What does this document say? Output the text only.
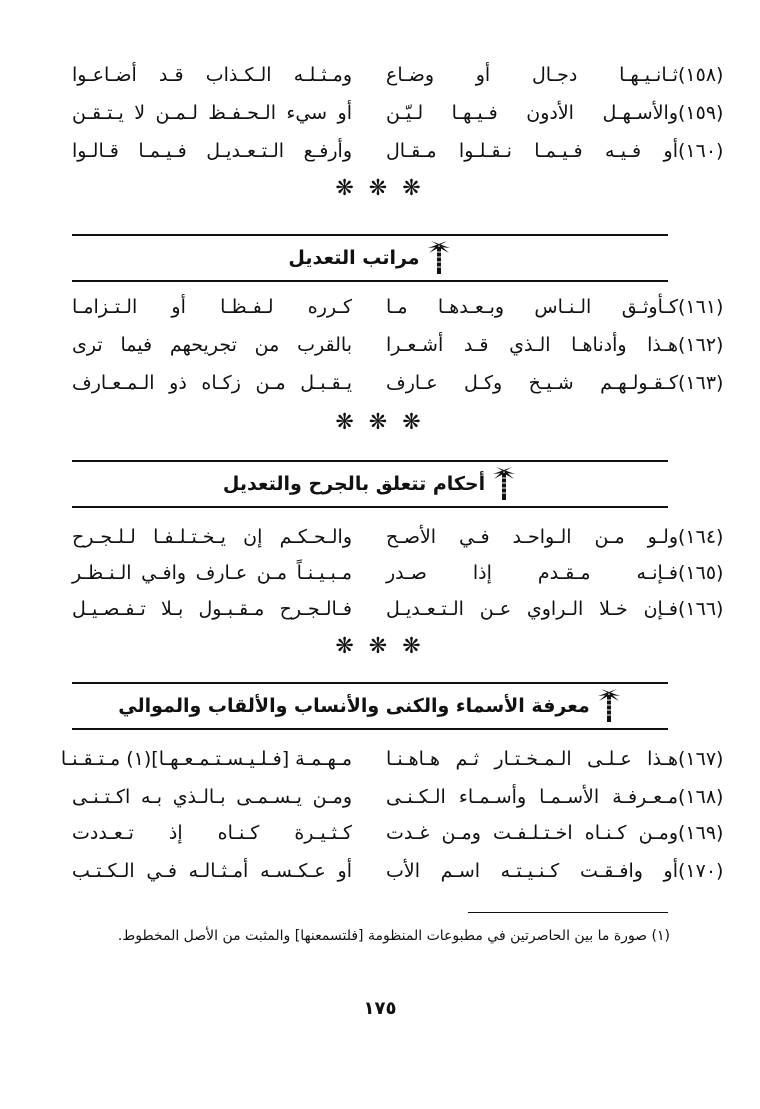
(١٥٨)
ثـانـيـهـا دجـال أو وضـاع
ومـثـلـه الـكـذاب قـد أضـاعـوا
(١٥٩)
والأسـهـل الأدون فـيـهـا لـيّـن
أو سيء الـحـفـظ لـمـن لا يـتـقـن
(١٦٠)
أو فـيـه فـيـمـا نـقـلـوا مـقـال
وأرفـع الـتـعـديـل فـيـمـا قـالـوا
❋ ❋ ❋
مراتب التعديل
(١٦١)
كـأوثـق الـنـاس وبـعـدهـا مـا
كـرره لـفـظـا أو الـتـزامـا
(١٦٢)
هـذا وأدناهـا الـذي قـد أشـعـرا
بالقرب من تجريحهم فيما ترى
(١٦٣)
كـقـولـهـم شـيـخ وكـل عـارف
يـقـبـل مـن زكـاه ذو الـمـعـارف
❋ ❋ ❋
أحكام تتعلق بالجرح والتعديل
(١٦٤)
ولـو مـن الـواحـد فـي الأصـح
والـحـكـم إن يـخـتـلـفـا لـلـجـرح
(١٦٥)
فـإنـه مـقـدم إذا صـدر
مـبـيـنـاً مـن عـارف وافـي الـنـظـر
(١٦٦)
فـإن خـلا الـراوي عـن الـتـعـديـل
فـالـجـرح مـقـبـول بـلا تـفـصـيـل
❋ ❋ ❋
معرفة الأسماء والكنى والأنساب والألقاب والموالي
(١٦٧)
هـذا عـلـى الـمـخـتـار ثـم هـاهـنـا
مـهـمـة [فـلـيـسـتـمـعـهـا](١) مـتـقـنـا
(١٦٨)
مـعـرفـة الأسـمـا وأسـمـاء الـكـنـى
ومـن يـسـمـى بـالـذي بـه اكـتـنـى
(١٦٩)
ومـن كـنـاه اخـتـلـفـت ومـن غـدت
كـثـيـرة كـنـاه إذ تـعـددت
(١٧٠)
أو وافـقـت كـنـيـتـه اسـم الأب
أو عـكـسـه أمـثـالـه فـي الـكـتـب
(١) صورة ما بين الحاصرتين في مطبوعات المنظومة [فلتسمعنها] والمثبت من الأصل المخطوط.
١٧٥
